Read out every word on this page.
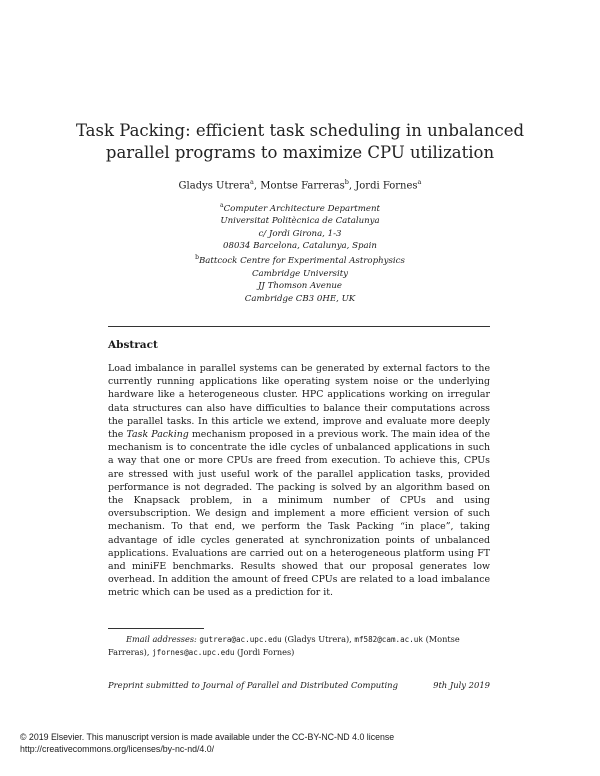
Task Packing: efficient task scheduling in unbalanced
parallel programs to maximize CPU utilization
Gladys Utrera$^a$, Montse Farreras$^b$, Jordi Fornes$^a$
$^a$Computer Architecture Department
Universitat Politècnica de Catalunya
c/ Jordi Girona, 1-3
08034 Barcelona, Catalunya, Spain
$^b$Battcock Centre for Experimental Astrophysics
Cambridge University
JJ Thomson Avenue
Cambridge CB3 0HE, UK
Abstract

Load imbalance in parallel systems can be generated by external factors to the currently running applications like operating system noise or the underlying hardware like a heterogeneous cluster. HPC applications working on irregular data structures can also have difficulties to balance their computations across the parallel tasks. In this article we extend, improve and evaluate more deeply the Task Packing mechanism proposed in a previous work. The main idea of the mechanism is to concentrate the idle cycles of unbalanced applications in such a way that one or more CPUs are freed from execution. To achieve this, CPUs are stressed with just useful work of the parallel application tasks, provided performance is not degraded. The packing is solved by an algorithm based on the Knapsack problem, in a minimum number of CPUs and using oversubscription. We design and implement a more efficient version of such mechanism. To that end, we perform the Task Packing “in place”, taking advantage of idle cycles generated at synchronization points of unbalanced applications. Evaluations are carried out on a heterogeneous platform using FT and miniFE benchmarks. Results showed that our proposal generates low overhead. In addition the amount of freed CPUs are related to a load imbalance metric which can be used as a prediction for it.

Email addresses: gutrera@ac.upc.edu (Gladys Utrera), mf582@cam.ac.uk (Montse Farreras), jfornes@ac.upc.edu (Jordi Fornes)
Preprint submitted to Journal of Parallel and Distributed Computing	9th July 2019
© 2019 Elsevier. This manuscript version is made available under the CC-BY-NC-ND 4.0 license
http://creativecommons.org/licenses/by-nc-nd/4.0/
